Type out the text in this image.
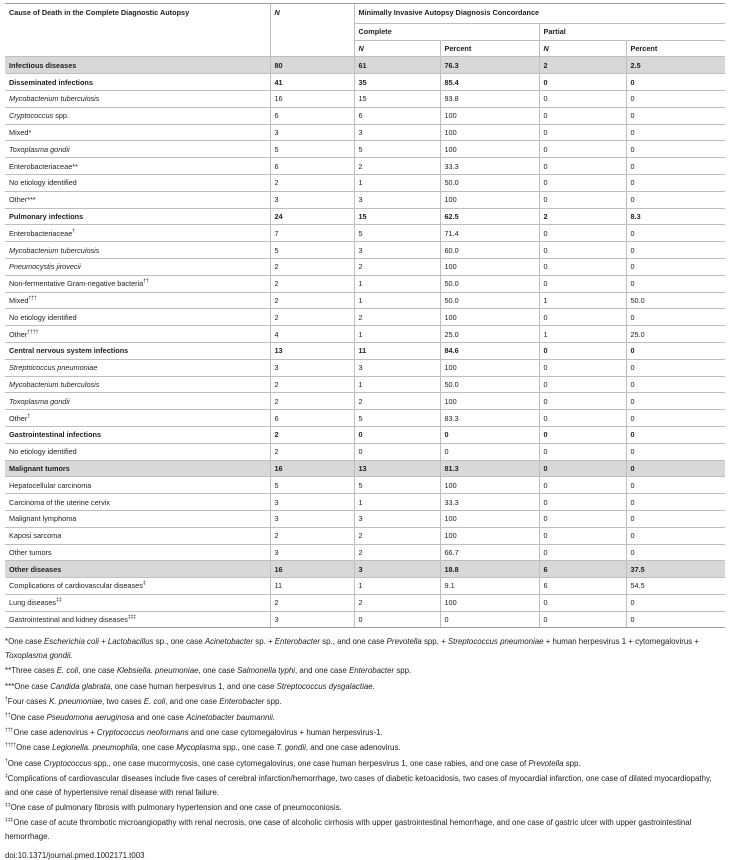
Cause of Death in the Complete Diagnostic Autopsy	N	Minimally Invasive Autopsy Diagnosis Concordance			
		Complete		Partial	
		N	Percent	N	Percent
Infectious diseases	80	61	76.3	2	2.5
Disseminated infections	41	35	85.4	0	0
Mycobacterium tuberculosis	16	15	93.8	0	0
Cryptococcus spp.	6	6	100	0	0
Mixed*	3	3	100	0	0
Toxoplasma gondii	5	5	100	0	0
Enterobacteriaceae**	6	2	33.3	0	0
No etiology identified	2	1	50.0	0	0
Other***	3	3	100	0	0
Pulmonary infections	24	15	62.5	2	8.3
Enterobacteriaceae†	7	5	71.4	0	0
Mycobacterium tuberculosis	5	3	60.0	0	0
Pneumocystis jirovecii	2	2	100	0	0
Non-fermentative Gram-negative bacteria††	2	1	50.0	0	0
Mixed†††	2	1	50.0	1	50.0
No etiology identified	2	2	100	0	0
Other††††	4	1	25.0	1	25.0
Central nervous system infections	13	11	84.6	0	0
Streptococcus pneumoniae	3	3	100	0	0
Mycobacterium tuberculosis	2	1	50.0	0	0
Toxoplasma gondii	2	2	100	0	0
Other†	6	5	83.3	0	0
Gastrointestinal infections	2	0	0	0	0
No etiology identified	2	0	0	0	0
Malignant tumors	16	13	81.3	0	0
Hepatocellular carcinoma	5	5	100	0	0
Carcinoma of the uterine cervix	3	1	33.3	0	0
Malignant lymphoma	3	3	100	0	0
Kaposi sarcoma	2	2	100	0	0
Other tumors	3	2	66.7	0	0
Other diseases	16	3	18.8	6	37.5
Complications of cardiovascular diseases‡	11	1	9.1	6	54.5
Lung diseases‡‡	2	2	100	0	0
Gastrointestinal and kidney diseases‡‡‡	3	0	0	0	0

*One case Escherichia coli + Lactobacillus sp., one case Acinetobacter sp. + Enterobacter sp., and one case Prevotella spp. + Streptococcus pneumoniae + human herpesvirus 1 + cytomegalovirus + Toxoplasma gondii.

**Three cases E. coli, one case Klebsiella. pneumoniae, one case Salmonella typhi, and one case Enterobacter spp.

***One case Candida glabrata, one case human herpesvirus 1, and one case Streptococcus dysgalactiae.

†Four cases K. pneumoniae, two cases E. coli, and one case Enterobacter spp.

††One case Pseudomona aeruginosa and one case Acinetobacter baumannii.

†††One case adenovirus + Cryptococcus neoformans and one case cytomegalovirus + human herpesvirus-1.

††††One case Legionella. pneumophila, one case Mycoplasma spp., one case T. gondii, and one case adenovirus.

†One case Cryptococcus spp., one case mucormycosis, one case cytomegalovirus, one case human herpesvirus 1, one case rabies, and one case of Prevotella spp.

‡Complications of cardiovascular diseases include five cases of cerebral infarction/hemorrhage, two cases of diabetic ketoacidosis, two cases of myocardial infarction, one case of dilated myocardiopathy, and one case of hypertensive renal disease with renal failure.

‡‡One case of pulmonary fibrosis with pulmonary hypertension and one case of pneumoconiosis.

‡‡‡One case of acute thrombotic microangiopathy with renal necrosis, one case of alcoholic cirrhosis with upper gastrointestinal hemorrhage, and one case of gastric ulcer with upper gastrointestinal hemorrhage.

doi:10.1371/journal.pmed.1002171.t003
